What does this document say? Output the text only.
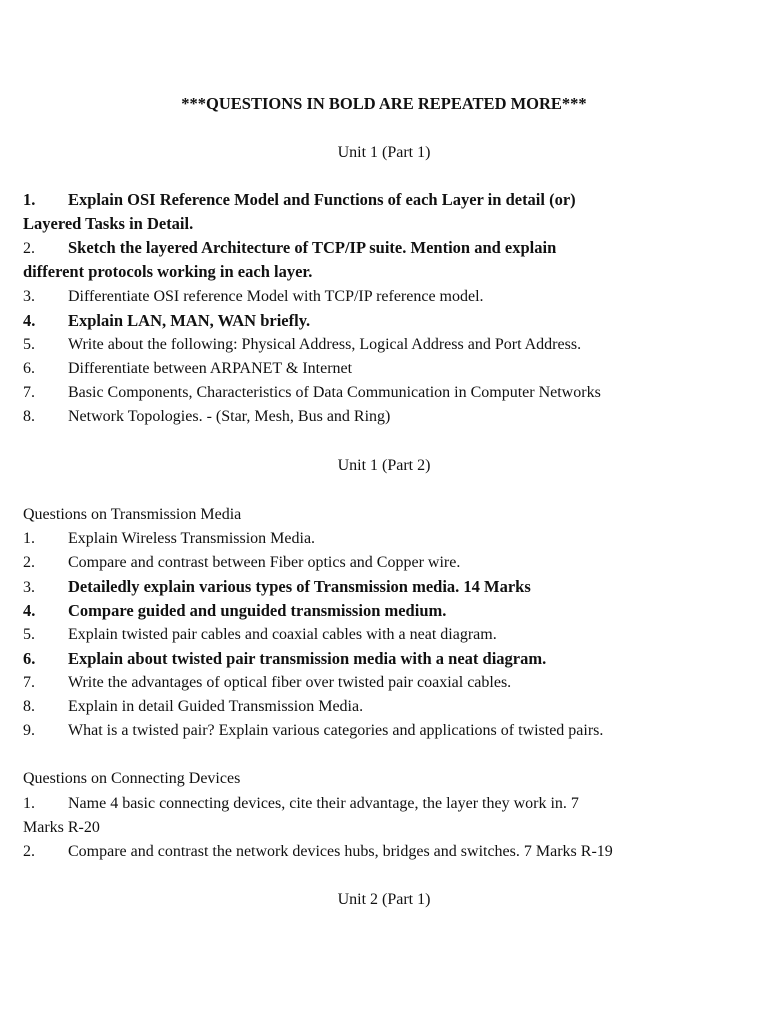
***QUESTIONS IN BOLD ARE REPEATED MORE***
Unit 1 (Part 1)
1. Explain OSI Reference Model and Functions of each Layer in detail (or)
Layered Tasks in Detail.
2. Sketch the layered Architecture of TCP/IP suite. Mention and explain
different protocols working in each layer.
3. Differentiate OSI reference Model with TCP/IP reference model.
4. Explain LAN, MAN, WAN briefly.
5. Write about the following: Physical Address, Logical Address and Port Address.
6. Differentiate between ARPANET & Internet
7. Basic Components, Characteristics of Data Communication in Computer Networks
8. Network Topologies. - (Star, Mesh, Bus and Ring)
Unit 1 (Part 2)
Questions on Transmission Media
1. Explain Wireless Transmission Media.
2. Compare and contrast between Fiber optics and Copper wire.
3. Detailedly explain various types of Transmission media. 14 Marks
4. Compare guided and unguided transmission medium.
5. Explain twisted pair cables and coaxial cables with a neat diagram.
6. Explain about twisted pair transmission media with a neat diagram.
7. Write the advantages of optical fiber over twisted pair coaxial cables.
8. Explain in detail Guided Transmission Media.
9. What is a twisted pair? Explain various categories and applications of twisted pairs.
Questions on Connecting Devices
1. Name 4 basic connecting devices, cite their advantage, the layer they work in. 7
Marks R-20
2. Compare and contrast the network devices hubs, bridges and switches. 7 Marks R-19
Unit 2 (Part 1)
